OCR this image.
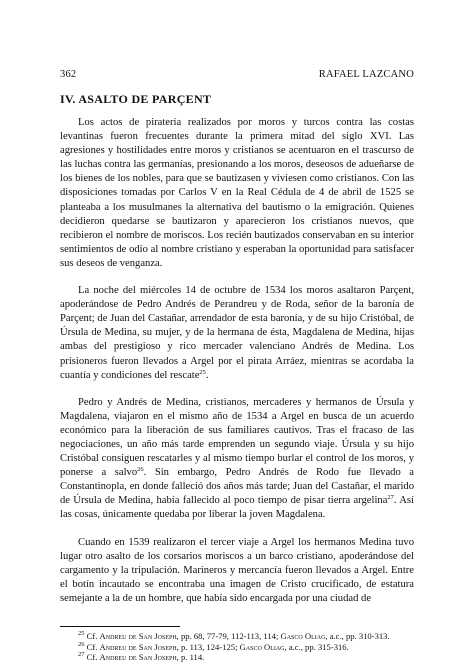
362	RAFAEL LAZCANO
IV. ASALTO DE PARÇENT

Los actos de piratería realizados por moros y turcos contra las costas levantinas fueron frecuentes durante la primera mitad del siglo XVI. Las agresiones y hostilidades entre moros y cristianos se acentuaron en el trascurso de las luchas contra las germanías, presionando a los moros, deseosos de adueñarse de los bienes de los nobles, para que se bautizasen y viviesen como cristianos. Con las disposiciones tomadas por Carlos V en la Real Cédula de 4 de abril de 1525 se planteaba a los musulmanes la alternativa del bautismo o la emigración. Quienes decidieron quedarse se bautizaron y aparecieron los cristianos nuevos, que recibieron el nombre de moriscos. Los recién bautizados conservaban en su interior sentimientos de odio al nombre cristiano y esperaban la oportunidad para satisfacer sus deseos de venganza.

La noche del miércoles 14 de octubre de 1534 los moros asaltaron Parçent, apoderándose de Pedro Andrés de Perandreu y de Roda, señor de la baronía de Parçent; de Juan del Castañar, arrendador de esta baronía, y de su hijo Cristóbal, de Úrsula de Medina, su mujer, y de la hermana de ésta, Magdalena de Medina, hijas ambas del prestigioso y rico mercader valenciano Andrés de Medina. Los prisioneros fueron llevados a Argel por el pirata Arráez, mientras se acordaba la cuantía y condiciones del rescate$^{25}$.

Pedro y Andrés de Medina, cristianos, mercaderes y hermanos de Úrsula y Magdalena, viajaron en el mismo año de 1534 a Argel en busca de un acuerdo económico para la liberación de sus familiares cautivos. Tras el fracaso de las negociaciones, un año más tarde emprenden un segundo viaje. Úrsula y su hijo Cristóbal consiguen rescatarles y al mismo tiempo burlar el control de los moros, y ponerse a salvo$^{26}$. Sin embargo, Pedro Andrés de Rodo fue llevado a Constantinopla, en donde falleció dos años más tarde; Juan del Castañar, el marido de Úrsula de Medina, había fallecido al poco tiempo de pisar tierra argelina$^{27}$. Así las cosas, únicamente quedaba por liberar la joven Magdalena.

Cuando en 1539 realizaron el tercer viaje a Argel los hermanos Medina tuvo lugar otro asalto de los corsarios moriscos a un barco cristiano, apoderándose del cargamento y la tripulación. Marineros y mercancía fueron llevados a Argel. Entre el botín incautado se encontraba una imagen de Cristo crucificado, de estatura semejante a la de un hombre, que había sido encargada por una ciudad de

$^{25}$ Cf. Andreu de San Joseph, pp. 68, 77-79, 112-113, 114; Gasco Oliag, a.c., pp. 310-313.

$^{26}$ Cf. Andreu de San Joseph, p. 113, 124-125; Gasco Oliag, a.c., pp. 315-316.

$^{27}$ Cf. Andreu de San Joseph, p. 114.
